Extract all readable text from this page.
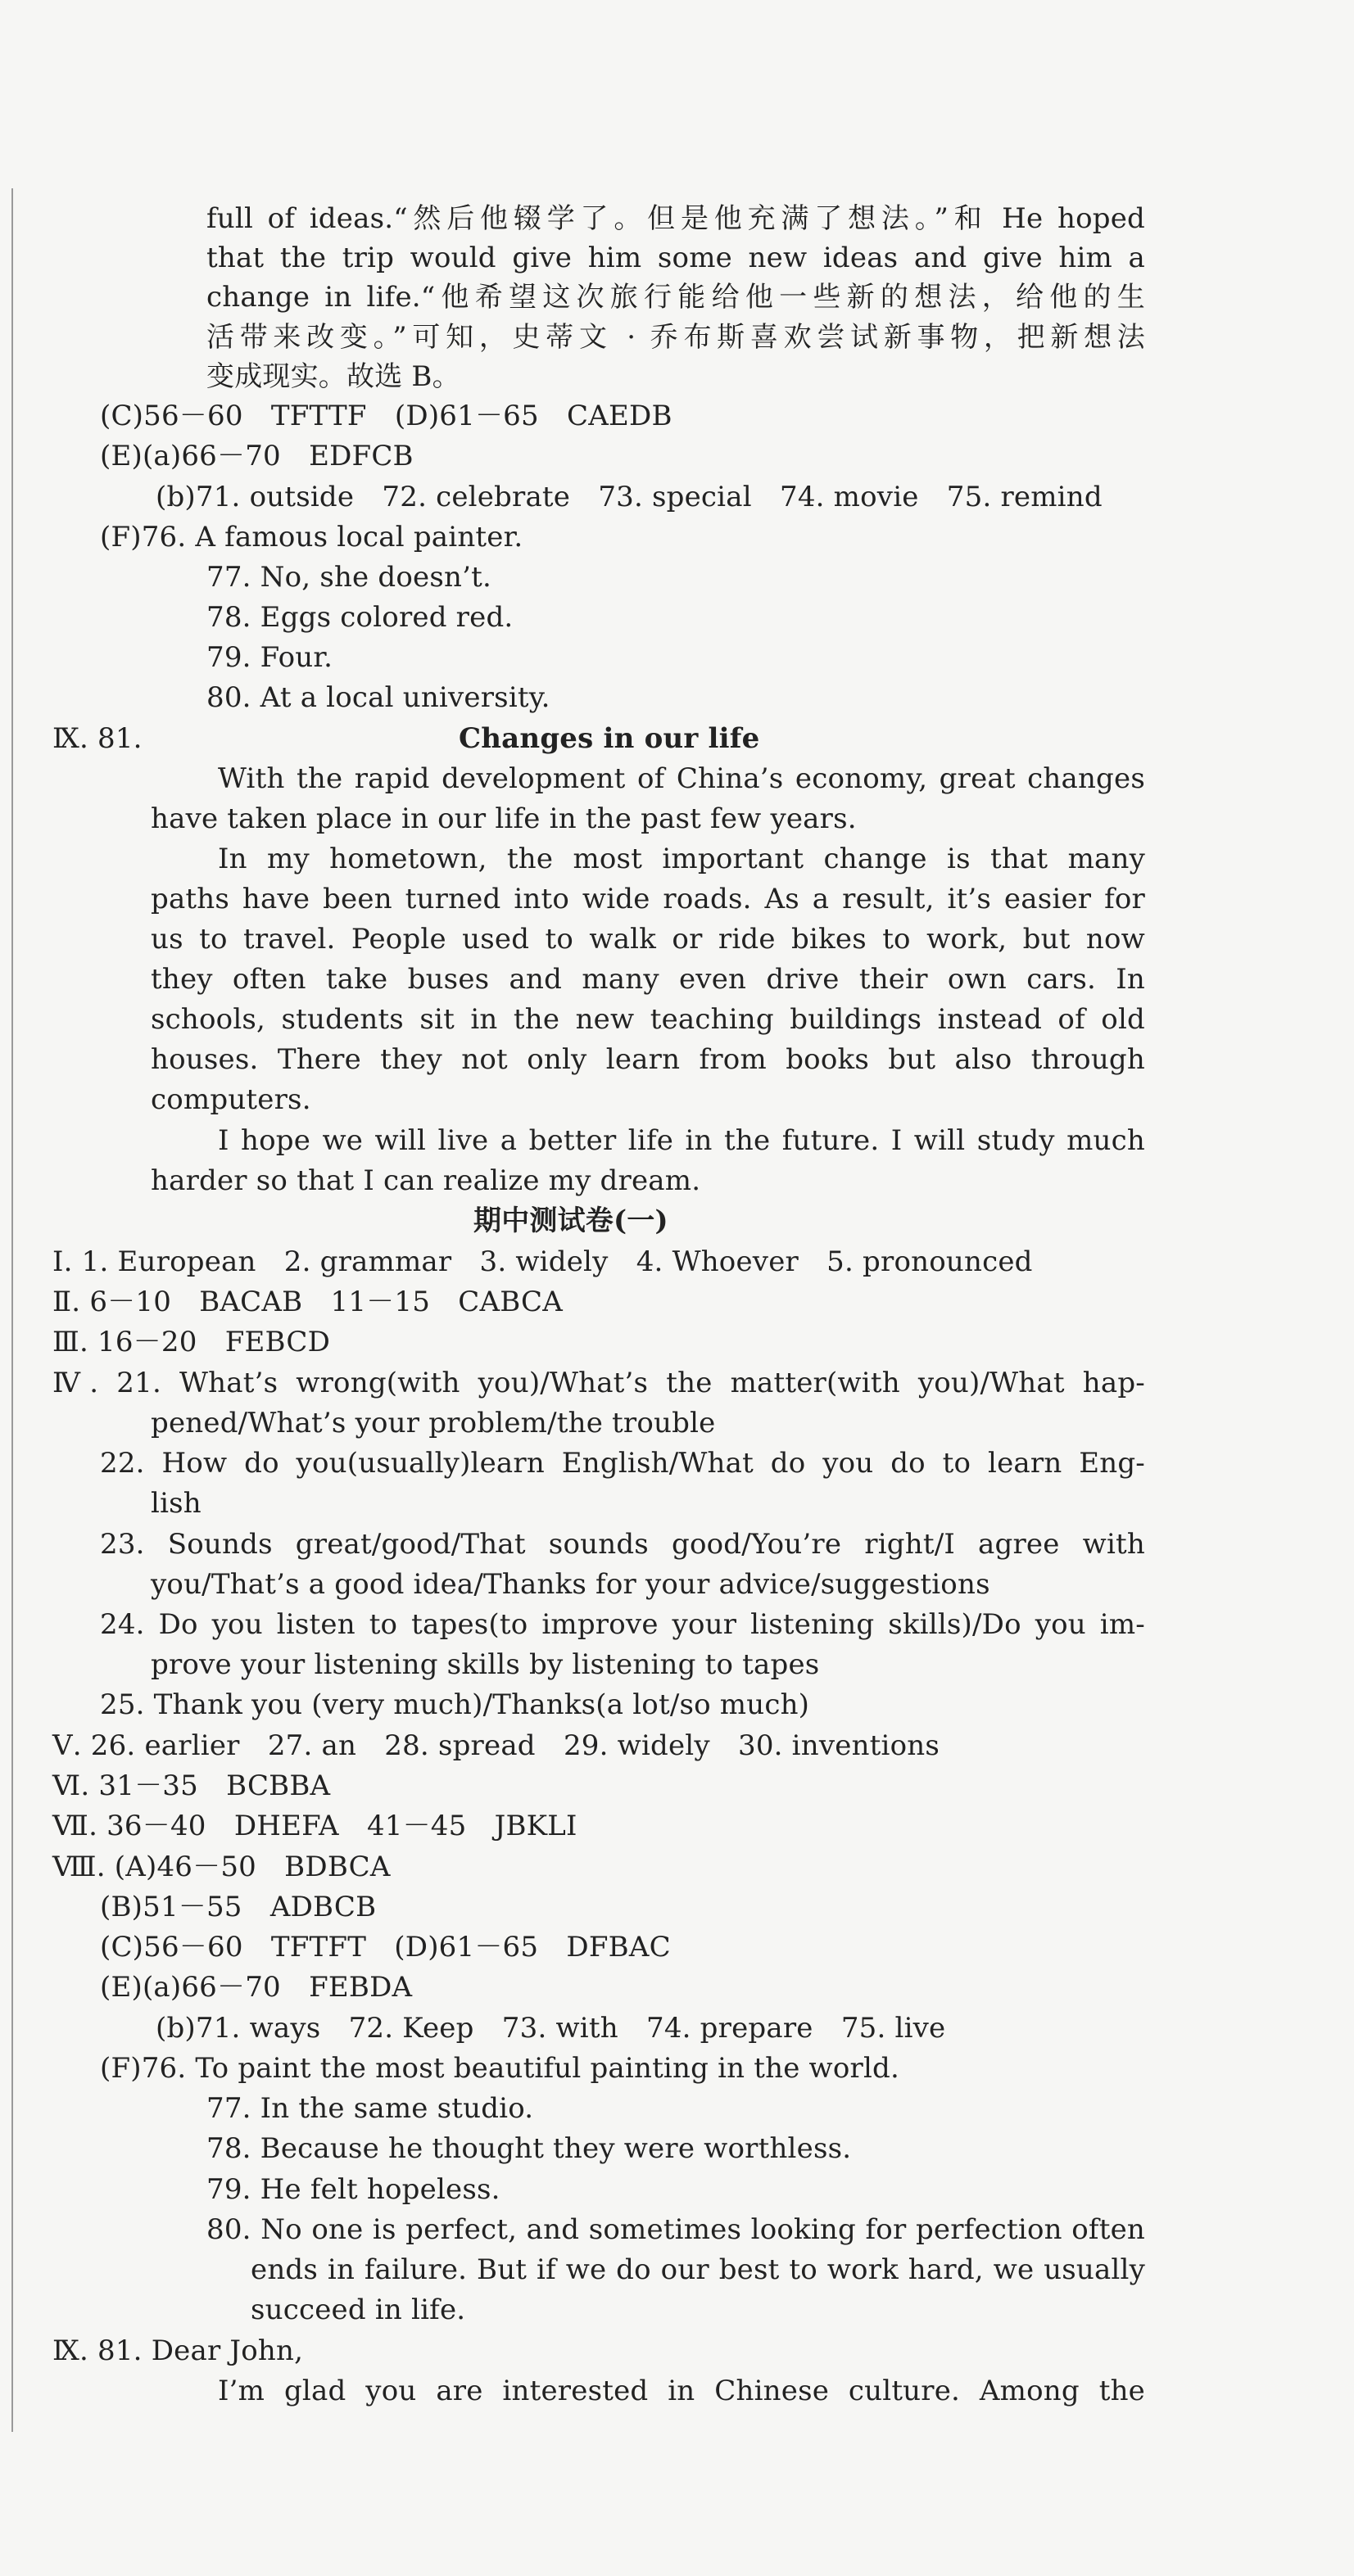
full of ideas.“然后他辍学了。但是他充满了想法。”和 He hoped
that the trip would give him some new ideas and give him a
change in life.“他希望这次旅行能给他一些新的想法，给他的生
活带来改变。”可知，史蒂文 · 乔布斯喜欢尝试新事物，把新想法
变成现实。故选 B。
(C)56－60　TFTTF　(D)61－65　CAEDB
(E)(a)66－70　EDFCB
(b)71. outside　72. celebrate　73. special　74. movie　75. remind
(F)76. A famous local painter.
77. No, she doesn’t.
78. Eggs colored red.
79. Four.
80. At a local university.
Ⅸ. 81.	Changes in our life
With the rapid development of China’s economy, great changes
have taken place in our life in the past few years.
In my hometown, the most important change is that many
paths have been turned into wide roads. As a result, it’s easier for
us to travel. People used to walk or ride bikes to work, but now
they often take buses and many even drive their own cars. In
schools, students sit in the new teaching buildings instead of old
houses. There they not only learn from books but also through
computers.
I hope we will live a better life in the future. I will study much
harder so that I can realize my dream.
期中测试卷(一)
Ⅰ. 1. European　2. grammar　3. widely　4. Whoever　5. pronounced
Ⅱ. 6－10　BACAB　11－15　CABCA
Ⅲ. 16－20　FEBCD
Ⅳ. 21. What’s wrong(with you)/What’s the matter(with you)/What hap-
pened/What’s your problem/the trouble
22. How do you(usually)learn English/What do you do to learn Eng-
lish
23. Sounds great/good/That sounds good/You’re right/I agree with
you/That’s a good idea/Thanks for your advice/suggestions
24. Do you listen to tapes(to improve your listening skills)/Do you im-
prove your listening skills by listening to tapes
25. Thank you (very much)/Thanks(a lot/so much)
Ⅴ. 26. earlier　27. an　28. spread　29. widely　30. inventions
Ⅵ. 31－35　BCBBA
Ⅶ. 36－40　DHEFA　41－45　JBKLI
Ⅷ. (A)46－50　BDBCA
(B)51－55　ADBCB
(C)56－60　TFTFT　(D)61－65　DFBAC
(E)(a)66－70　FEBDA
(b)71. ways　72. Keep　73. with　74. prepare　75. live
(F)76. To paint the most beautiful painting in the world.
77. In the same studio.
78. Because he thought they were worthless.
79. He felt hopeless.
80. No one is perfect, and sometimes looking for perfection often
ends in failure. But if we do our best to work hard, we usually
succeed in life.
Ⅸ. 81. Dear John,
I’m glad you are interested in Chinese culture. Among the
